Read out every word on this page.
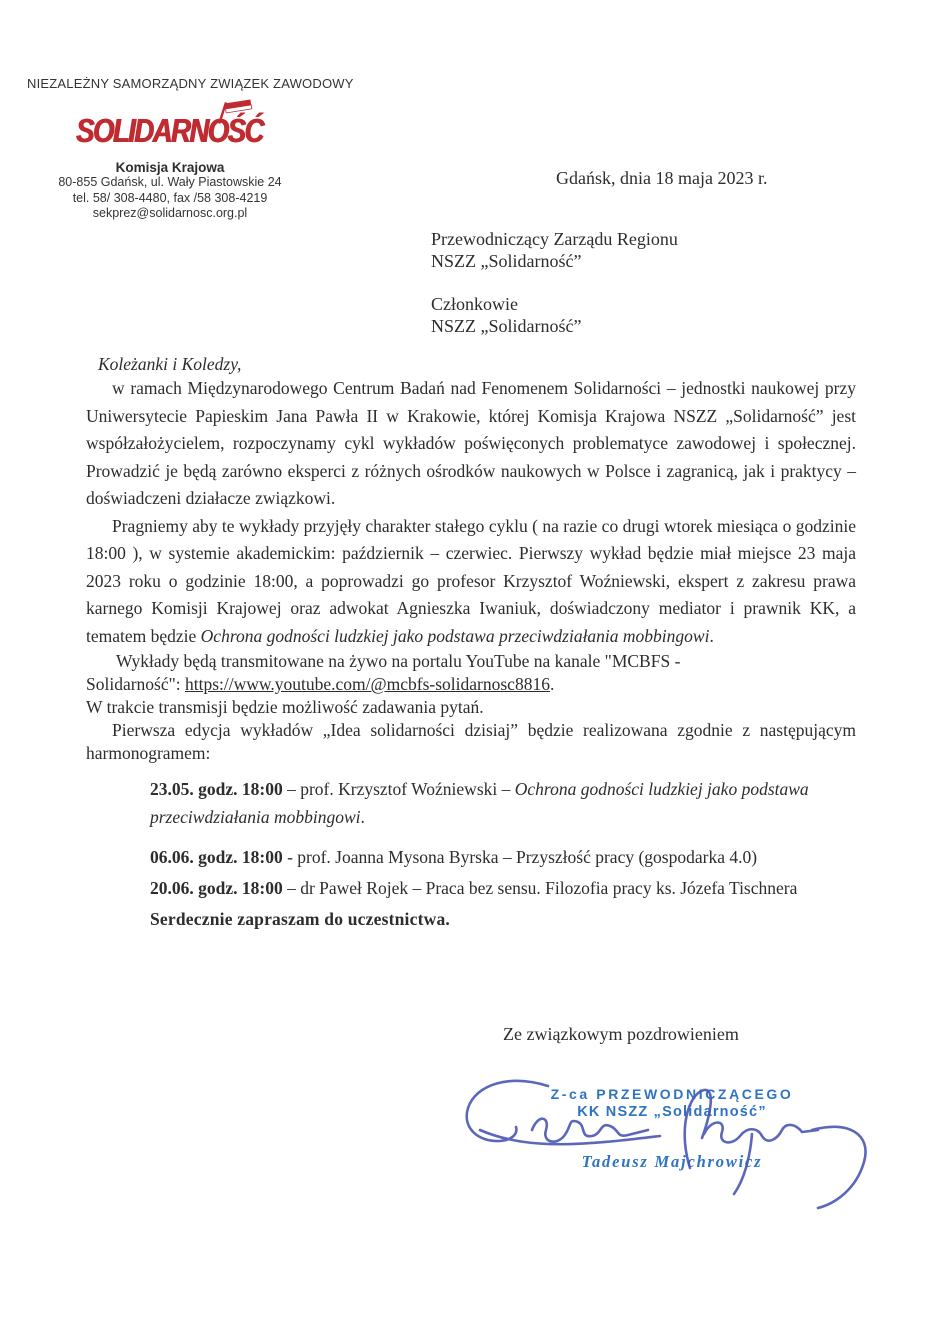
NIEZALEŻNY SAMORZĄDNY ZWIĄZEK ZAWODOWY
SOLIDARNOŚĆ
Komisja Krajowa
80-855 Gdańsk, ul. Wały Piastowskie 24
tel. 58/ 308-4480, fax /58 308-4219
sekprez@solidarnosc.org.pl
Gdańsk, dnia 18 maja 2023 r.
Przewodniczący Zarządu Regionu
NSZZ „Solidarność”
Członkowie
NSZZ „Solidarność”
Koleżanki i Koledzy,

w ramach Międzynarodowego Centrum Badań nad Fenomenem Solidarności – jednostki naukowej przy Uniwersytecie Papieskim Jana Pawła II w Krakowie, której Komisja Krajowa NSZZ „Solidarność” jest współzałożycielem, rozpoczynamy cykl wykładów poświęconych problematyce zawodowej i społecznej. Prowadzić je będą zarówno eksperci z różnych ośrodków naukowych w Polsce i zagranicą, jak i praktycy – doświadczeni działacze związkowi.

Pragniemy aby te wykłady przyjęły charakter stałego cyklu ( na razie co drugi wtorek miesiąca o godzinie 18:00 ), w systemie akademickim: październik – czerwiec. Pierwszy wykład będzie miał miejsce 23 maja 2023 roku o godzinie 18:00, a poprowadzi go profesor Krzysztof Woźniewski, ekspert z zakresu prawa karnego Komisji Krajowej oraz adwokat Agnieszka Iwaniuk, doświadczony mediator i prawnik KK, a tematem będzie Ochrona godności ludzkiej jako podstawa przeciwdziałania mobbingowi.

Wykłady będą transmitowane na żywo na portalu YouTube na kanale "MCBFS -
Solidarność": https://www.youtube.com/@mcbfs-solidarnosc8816.

W trakcie transmisji będzie możliwość zadawania pytań.

Pierwsza edycja wykładów „Idea solidarności dzisiaj” będzie realizowana zgodnie z następującym harmonogramem:

23.05. godz. 18:00 – prof. Krzysztof Woźniewski – Ochrona godności ludzkiej jako podstawa przeciwdziałania mobbingowi.
06.06. godz. 18:00 - prof. Joanna Mysona Byrska – Przyszłość pracy (gospodarka 4.0)
20.06. godz. 18:00 – dr Paweł Rojek – Praca bez sensu. Filozofia pracy ks. Józefa Tischnera
Serdecznie zapraszam do uczestnictwa.
Ze związkowym pozdrowieniem
Z-ca PRZEWODNICZĄCEGO
KK NSZZ „Solidarność”
Tadeusz Majchrowicz
